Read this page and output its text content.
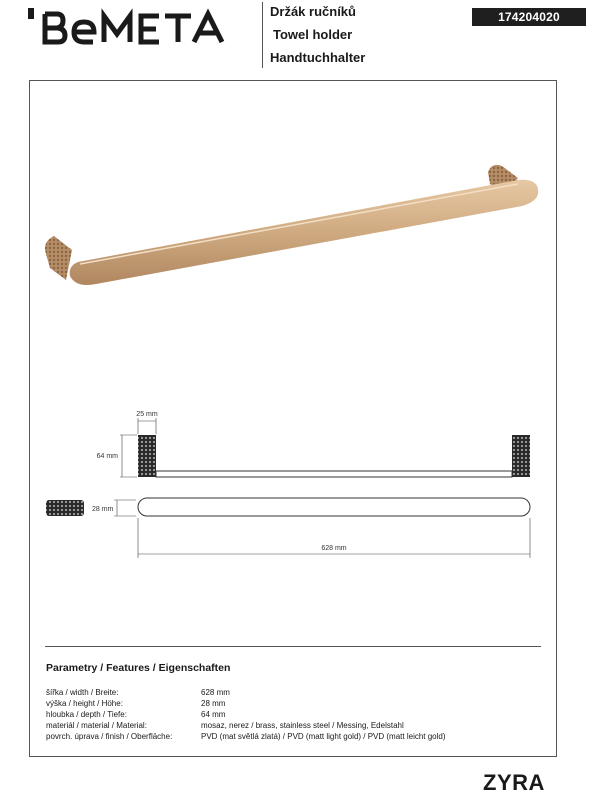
Držák ručníků
Towel holder
Handtuchhalter
174204020
25 mm
64 mm
28 mm
628 mm
Parametry / Features / Eigenschaften
šířka / width / Breite:	628 mm
výška / height / Höhe:	28 mm
hloubka / depth / Tiefe:	64 mm
materiál / material / Material:	mosaz, nerez / brass, stainless steel / Messing, Edelstahl
povrch. úprava / finish / Oberfläche:	PVD (mat světlá zlatá) / PVD (matt light gold) / PVD (matt leicht gold)
ZYRA
